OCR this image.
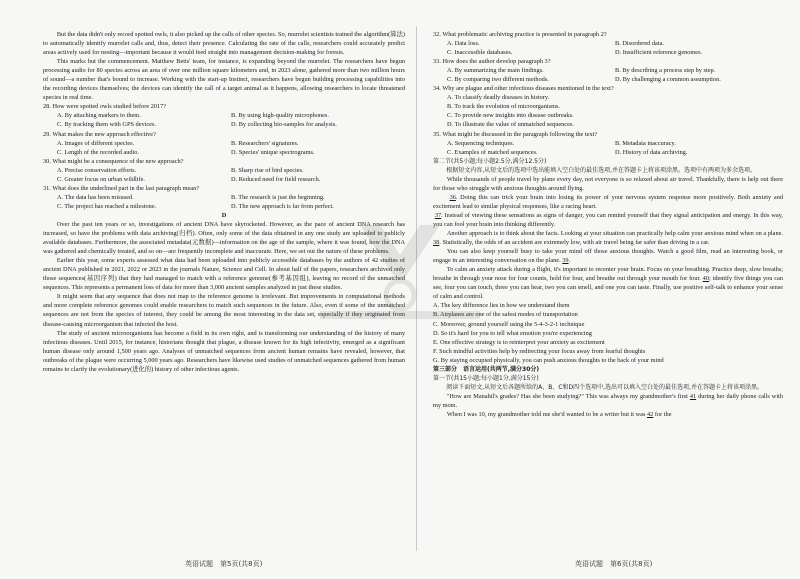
But the data didn't only record spotted owls, it also picked up the calls of other species. So, murrelet scientists trained the algorithm(算法) to automatically identify murrelet calls and, thus, detect their presence. Calculating the rate of the calls, researchers could accurately predict areas actively used for nesting—important because it would feed straight into management decision-making for forests.

This marks but the commencement. Matthew Betts' team, for instance, is expanding beyond the murrelet. The researchers have begun processing audio for 80 species across an area of over one million square kilometers and, in 2023 alone, gathered more than two million hours of sound—a number that's bound to increase. Working with the start-up Instinct, researchers have begun building processing capabilities into the recording devices themselves; the devices can identify the call of a target animal as it happens, allowing researchers to locate threatened species in real time.

28. How were spotted owls studied before 2017?
A. By attaching markers to them.	B. By using high-quality microphones.
C. By tracking them with GPS devices.	D. By collecting bio-samples for analysis.
29. What makes the new approach effective?
A. Images of different species.	B. Researchers' signatures.
C. Length of the recorded audio.	D. Species' unique spectrograms.
30. What might be a consequence of the new approach?
A. Precise conservation efforts.	B. Sharp rise of bird species.
C. Greater focus on urban wildlife.	D. Reduced need for field research.
31. What does the underlined part in the last paragraph mean?
A. The data has been misused.	B. The research is just the beginning.
C. The project has reached a milestone.	D. The new approach is far from perfect.
D

Over the past ten years or so, investigations of ancient DNA have skyrocketed. However, as the pace of ancient DNA research has increased, so have the problems with data archiving(归档). Often, only some of the data obtained in any one study are uploaded to publicly available databases. Furthermore, the associated metadata(元数据)—information on the age of the sample, where it was found, how the DNA was gathered and chemically treated, and so on—are frequently incomplete and inaccurate. Here, we set out the nature of these problems.

Earlier this year, some experts assessed what data had been uploaded into publicly accessible databases by the authors of 42 studies of ancient DNA published in 2021, 2022 or 2023 in the journals Nature, Science and Cell. In about half of the papers, researchers archived only those sequences(基因序列) that they had managed to match with a reference genome(参考基因组), leaving no record of the unmatched sequences. This represents a permanent loss of data for more than 3,000 ancient samples analyzed in just these studies.

It might seem that any sequence that does not map to the reference genome is irrelevant. But improvements in computational methods and more complete reference genomes could enable researchers to match such sequences in the future. Also, even if some of the unmatched sequences are not from the species of interest, they could be among the most interesting in the data set, especially if they originated from disease-causing microorganism that infected the host.

The study of ancient microorganisms has become a field in its own right, and is transforming our understanding of the history of many infectious diseases. Until 2015, for instance, historians thought that plague, a disease known for its high infectivity, emerged as a significant human disease only around 1,500 years ago. Analyses of unmatched sequences from ancient human remains have revealed, however, that outbreaks of the plague were occurring 5,000 years ago. Researchers have likewise used studies of unmatched sequences gathered from human remains to clarify the evolutionary(进化的) history of other infectious agents.

32. What problematic archiving practice is presented in paragraph 2?
A. Data loss.	B. Disordered data.
C. Inaccessible databases.	D. Insufficient reference genomes.
33. How does the author develop paragraph 3?
A. By summarizing the main findings.	B. By describing a process step by step.
C. By comparing two different methods.	D. By challenging a common assumption.
34. Why are plague and other infectious diseases mentioned in the text?
A. To classify deadly diseases in history.
B. To track the evolution of microorganisms.
C. To provide new insights into disease outbreaks.
D. To illustrate the value of unmatched sequences.
35. What might be discussed in the paragraph following the text?
A. Sequencing techniques.	B. Metadata inaccuracy.
C. Examples of matched sequences.	D. History of data archiving.
第二节(共5小题;每小题2.5分,满分12.5分)

根据短文内容,从短文后的选项中选出能填入空白处的最佳选项,并在答题卡上将该项涂黑。选项中有两项为多余选项。

While thousands of people travel by plane every day, not everyone is so relaxed about air travel. Thankfully, there is help out there for those who struggle with anxious thoughts around flying.

36. Doing this can trick your brain into losing its power of your nervous system response more positively. Both anxiety and excitement lead to similar physical responses, like a racing heart.

37. Instead of viewing these sensations as signs of danger, you can remind yourself that they signal anticipation and energy. In this way, you can fool your brain into thinking differently.

Another approach is to think about the facts. Looking at your situation can practically help calm your anxious mind when on a plane. 38. Statistically, the odds of an accident are extremely low, with air travel being far safer than driving in a car.

You can also keep yourself busy to take your mind off those anxious thoughts. Watch a good film, read an interesting book, or engage in an interesting conversation on the plane. 39.

To calm an anxiety attack during a flight, it's important to recenter your brain. Focus on your breathing. Practice deep, slow breaths; breathe in through your nose for four counts, hold for four, and breathe out through your mouth for four. 40; identify five things you can see, four you can touch, three you can hear, two you can smell, and one you can taste. Finally, use positive self-talk to enhance your sense of calm and control.

A. The key difference lies in how we understand them
B. Airplanes are one of the safest modes of transportation
C. Moreover, ground yourself using the 5-4-3-2-1 technique
D. So it's hard for you to tell what emotion you're experiencing
E. One effective strategy is to reinterpret your anxiety as excitement
F. Such mindful activities help by redirecting your focus away from fearful thoughts
G. By staying occupied physically, you can push anxious thoughts to the back of your mind
第三部分　语言运用(共两节,满分30分)
第一节(共15小题;每小题1分,满分15分)

阅读下面短文,从短文后各题所给的A、B、C和D四个选项中,选出可以填入空白处的最佳选项,并在答题卡上将该项涂黑。

"How are Manahil's grades? Has she been studying?" This was always my grandmother's first 41 during her daily phone calls with my mom.

When I was 10, my grandmother told me she'd wanted to be a writer but it was 42 for the

英语试题　第5页(共8页)	英语试题　第6页(共8页)
